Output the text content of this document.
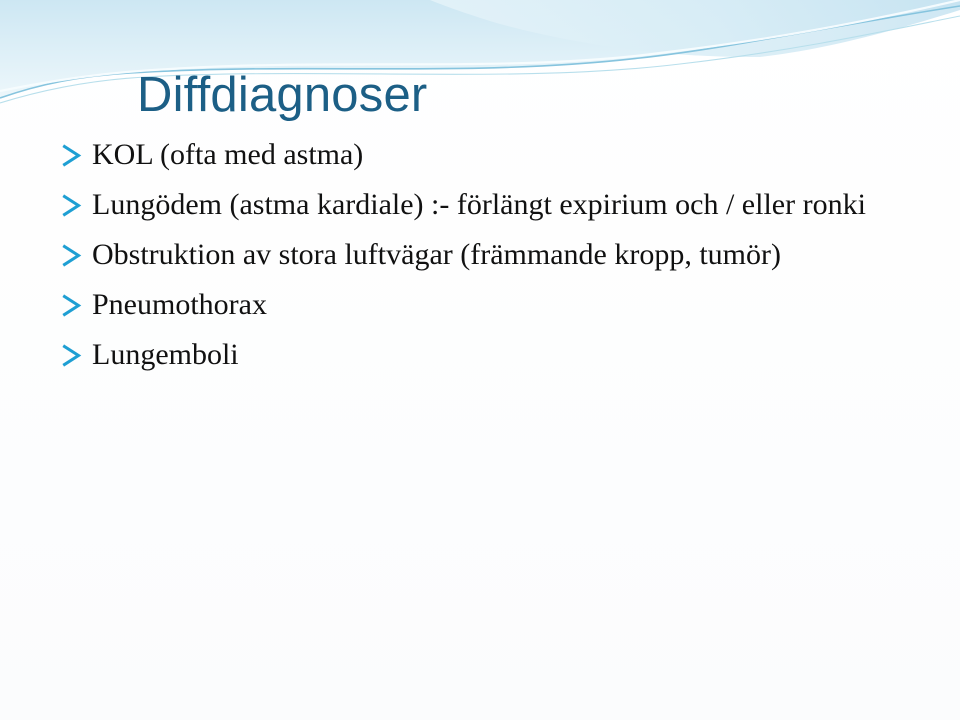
Diffdiagnoser
KOL (ofta med astma)
Lungödem (astma kardiale) :- förlängt expirium och / eller ronki
Obstruktion av stora luftvägar (främmande kropp, tumör)
Pneumothorax
Lungemboli
